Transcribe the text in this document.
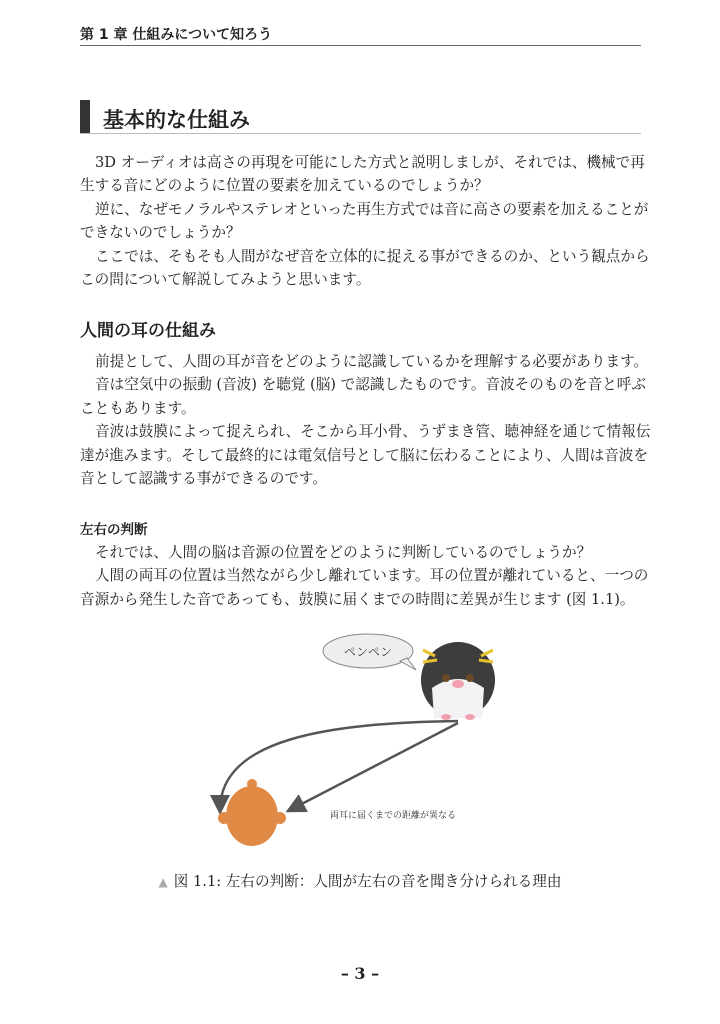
第 1 章 仕組みについて知ろう
基本的な仕組み
3D オーディオは高さの再現を可能にした方式と説明しましが、それでは、機械で再
生する音にどのように位置の要素を加えているのでしょうか？
逆に、なぜモノラルやステレオといった再生方式では音に高さの要素を加えることが
できないのでしょうか？
ここでは、そもそも人間がなぜ音を立体的に捉える事ができるのか、という観点から
この問について解説してみようと思います。
人間の耳の仕組み
前提として、人間の耳が音をどのように認識しているかを理解する必要があります。
音は空気中の振動 (音波) を聴覚 (脳) で認識したものです。音波そのものを音と呼ぶ
こともあります。
音波は鼓膜によって捉えられ、そこから耳小骨、うずまき管、聴神経を通じて情報伝
達が進みます。そして最終的には電気信号として脳に伝わることにより、人間は音波を
音として認識する事ができるのです。
左右の判断
それでは、人間の脳は音源の位置をどのように判断しているのでしょうか？
人間の両耳の位置は当然ながら少し離れています。耳の位置が離れていると、一つの
音源から発生した音であっても、鼓膜に届くまでの時間に差異が生じます (図 1.1)。
ペンペン
両耳に届くまでの距離が異なる
▲ 図 1.1: 左右の判断：人間が左右の音を聞き分けられる理由
– 3 –
